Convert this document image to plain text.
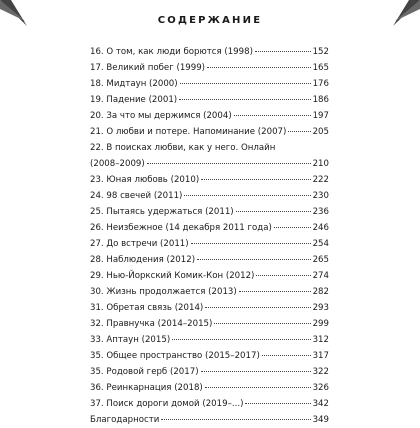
СОДЕРЖАНИЕ
16. О том, как люди борются (1998)	152
17. Великий побег (1999)	165
18. Мидтаун (2000)	176
19. Падение (2001)	186
20. За что мы держимся (2004)	197
21. О любви и потере. Напоминание (2007)	205
22. В поисках любви, как у него. Онлайн
(2008–2009)	210
23. Юная любовь (2010)	222
24. 98 свечей (2011)	230
25. Пытаясь удержаться (2011)	236
26. Неизбежное (14 декабря 2011 года)	246
27. До встречи (2011)	254
28. Наблюдения (2012)	265
29. Нью-Йоркский Комик-Кон (2012)	274
30. Жизнь продолжается (2013)	282
31. Обретая связь (2014)	293
32. Правнучка (2014–2015)	299
33. Аптаун (2015)	312
35. Общее пространство (2015–2017)	317
35. Родовой герб (2017)	322
36. Реинкарнация (2018)	326
37. Поиск дороги домой (2019–...)	342
Благодарности	349
